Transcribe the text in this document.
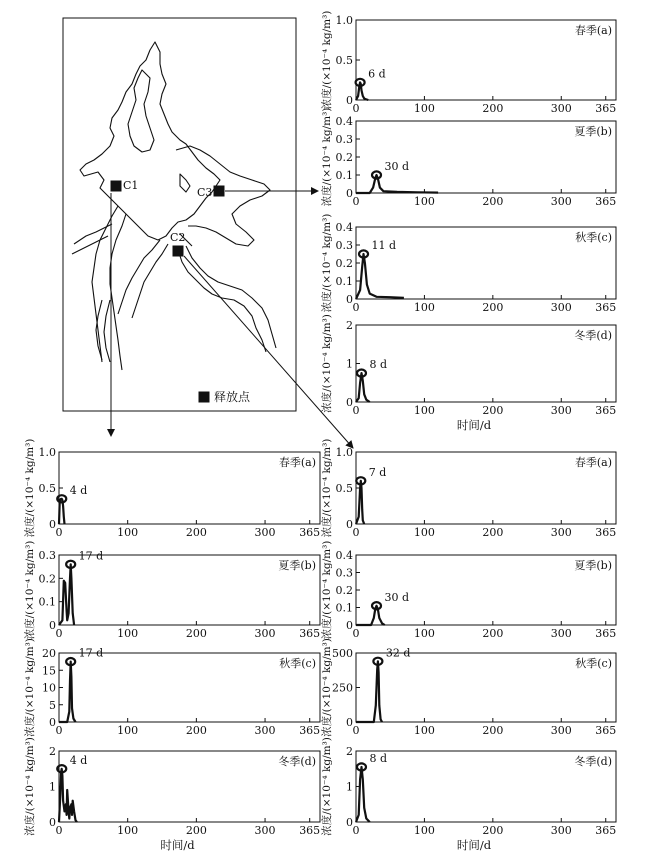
C1
C3
C2
释放点
0	100	200	300 365
0
0.5
1.0
6 d
春季(a)
浓度/(×10⁻⁴ kg/m³)
0	100	200	300 365
0
0.1
0.2
0.3
0.4
30 d
夏季(b)
浓度/(×10⁻⁴ kg/m³)
0	100	200	300 365
0
0.1
0.2
0.3
0.4
11 d
秋季(c)
浓度/(×10⁻⁴ kg/m³)
0	100	200	300 365
0
1
2
8 d
冬季(d)
浓度/(×10⁻⁴ kg/m³)
时间/d
0	100	200	300 365
0
0.5
1.0
4 d
春季(a)
浓度/(×10⁻⁴ kg/m³)
0	100	200	300 365
0
0.1
0.2
0.3 17 d
夏季(b)
浓度/(×10⁻⁴ kg/m³)
0	100	200	300 365
0
5
10
15
20 17 d
秋季(c)
浓度/(×10⁻⁴ kg/m³)
0	100	200	300 365
0
1
2
4 d	冬季(d)
浓度/(×10⁻⁴ kg/m³)
时间/d
0	100	200	300 365
0
0.5
1.0
7 d
春季(a)
浓度/(×10⁻⁴ kg/m³)
0	100	200	300 365
0
0.1
0.2
0.3
0.4
30 d
夏季(b)
浓度/(×10⁻⁴ kg/m³)
0	100	200	300 365
0
250
500	32 d
秋季(c)
浓度/(×10⁻⁴ kg/m³)
0	100	200	300 365
0
1
2
8 d	冬季(d)
浓度/(×10⁻⁴ kg/m³)
时间/d
